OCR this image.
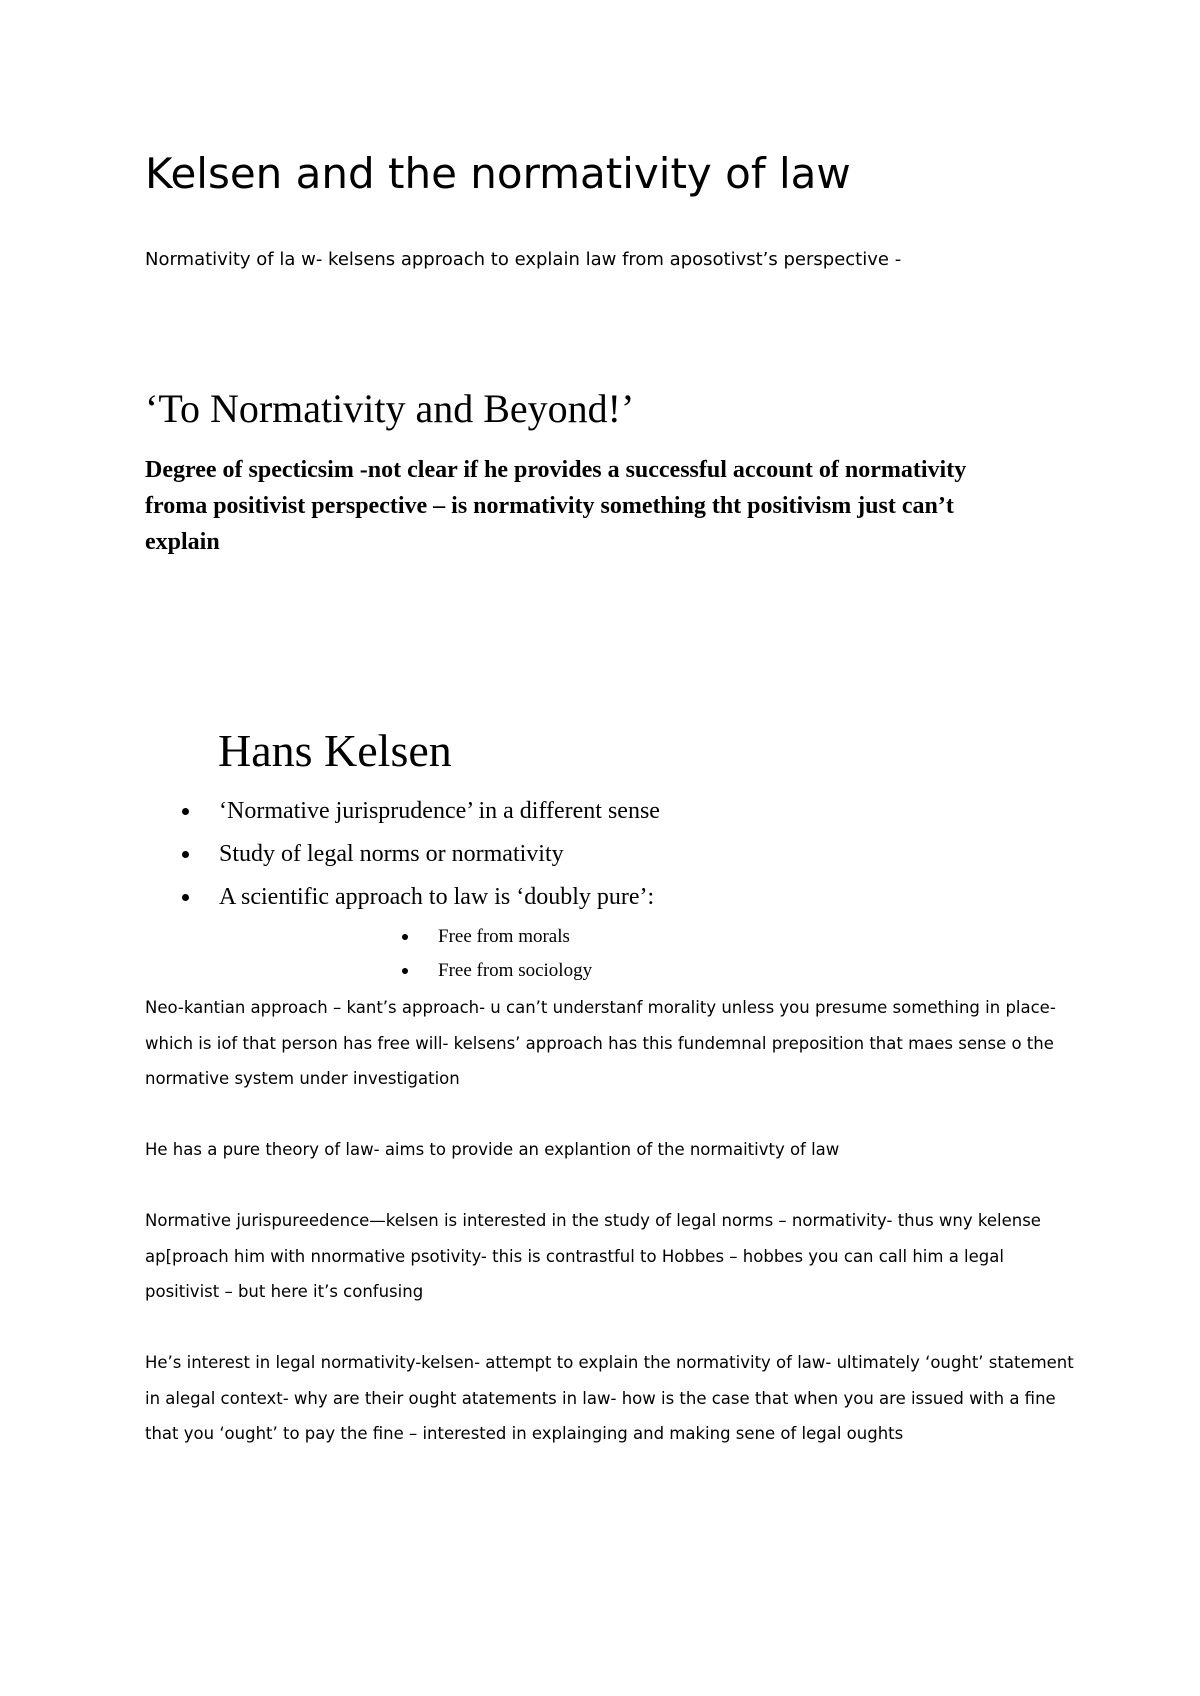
Kelsen and the normativity of law

Normativity of la w- kelsens approach to explain law from aposotivst’s perspective -

‘To Normativity and Beyond!’

Degree of specticsim -not clear if he provides a successful account of normativity froma positivist perspective – is normativity something tht positivism just can’t explain

Hans Kelsen
‘Normative jurisprudence’ in a different sense
Study of legal norms or normativity
A scientific approach to law is ‘doubly pure’:
Free from morals
Free from sociology

Neo-kantian approach – kant’s approach- u can’t understanf morality unless you presume something in place- which is iof that person has free will- kelsens’ approach has this fundemnal preposition that maes sense o the normative system under investigation

He has a pure theory of law- aims to provide an explantion of the normaitivty of law

Normative jurispureedence—kelsen is interested in the study of legal norms – normativity- thus wny kelense ap[proach him with nnormative psotivity- this is contrastful to Hobbes – hobbes you can call him a legal positivist – but here it’s confusing

He’s interest in legal normativity-kelsen- attempt to explain the normativity of law- ultimately ‘ought’ statement in alegal context- why are their ought atatements in law- how is the case that when you are issued with a fine that you ‘ought’ to pay the fine – interested in explainging and making sene of legal oughts
